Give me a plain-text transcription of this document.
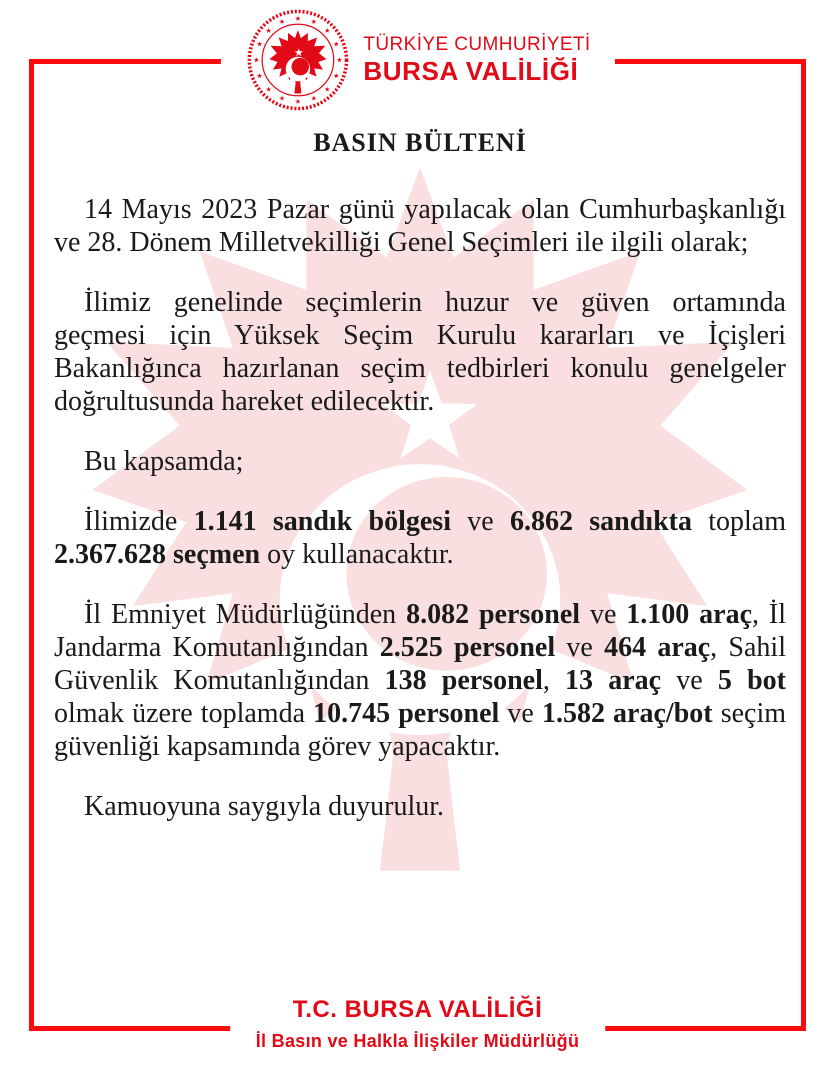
TÜRKİYE CUMHURİYETİ
BURSA VALİLİĞİ
BASIN BÜLTENİ

14 Mayıs 2023 Pazar günü yapılacak olan Cumhurbaşkanlığı ve 28. Dönem Milletvekilliği Genel Seçimleri ile ilgili olarak;

İlimiz genelinde seçimlerin huzur ve güven ortamında geçmesi için Yüksek Seçim Kurulu kararları ve İçişleri Bakanlığınca hazırlanan seçim tedbirleri konulu genelgeler doğrultusunda hareket edilecektir.

Bu kapsamda;

İlimizde 1.141 sandık bölgesi ve 6.862 sandıkta toplam 2.367.628 seçmen oy kullanacaktır.

İl Emniyet Müdürlüğünden 8.082 personel ve 1.100 araç, İl Jandarma Komutanlığından 2.525 personel ve 464 araç, Sahil Güvenlik Komutanlığından 138 personel, 13 araç ve 5 bot olmak üzere toplamda 10.745 personel ve 1.582 araç/bot seçim güvenliği kapsamında görev yapacaktır.

Kamuoyuna saygıyla duyurulur.

T.C. BURSA VALİLİĞİ
İl Basın ve Halkla İlişkiler Müdürlüğü
